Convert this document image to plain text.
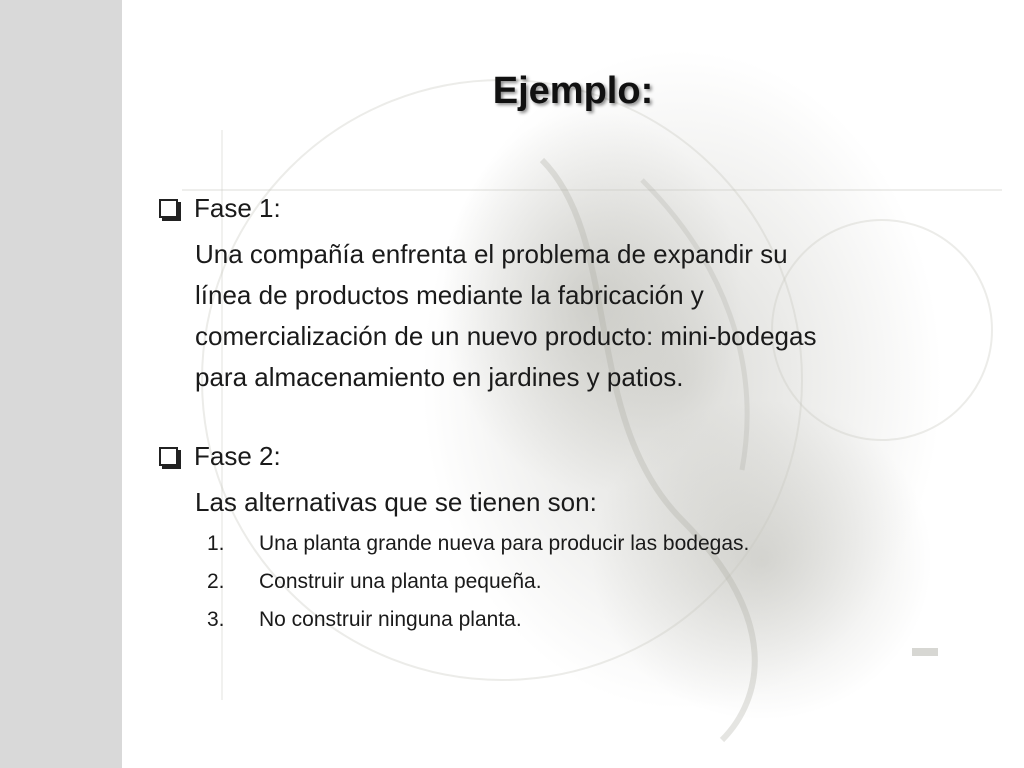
Ejemplo:
Fase 1:
Una compañía enfrenta el problema de expandir su
línea de productos mediante la fabricación y
comercialización de un nuevo producto: mini-bodegas
para almacenamiento en jardines y patios.
Fase 2:
Las alternativas que se tienen son:
1.	Una planta grande nueva para producir las bodegas.
2.	Construir una planta pequeña.
3.	No construir ninguna planta.
